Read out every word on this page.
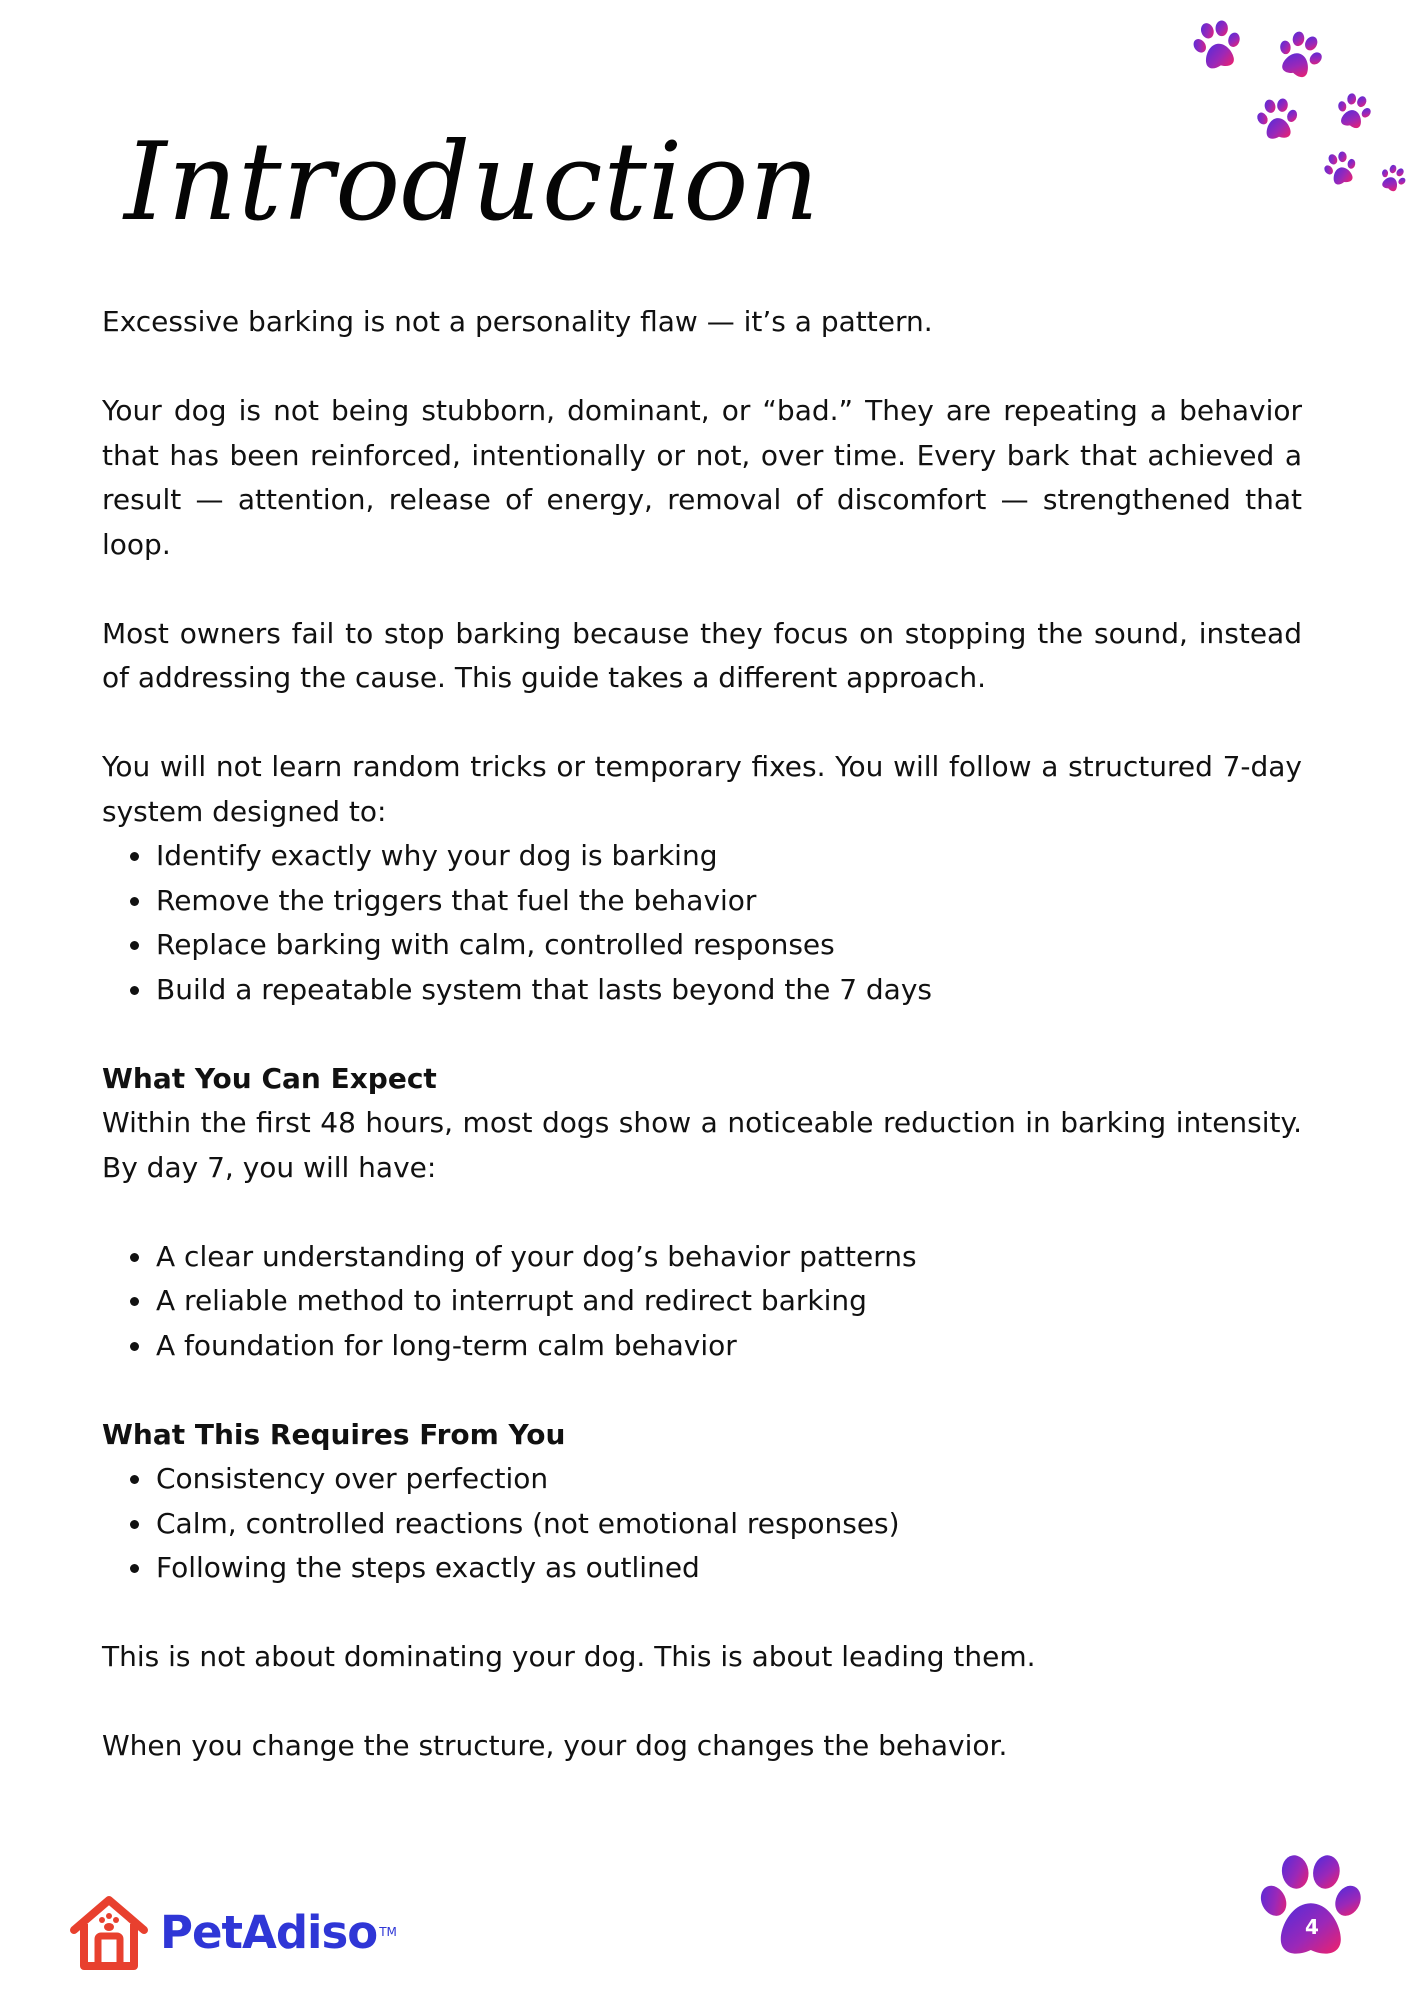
Introduction

Excessive barking is not a personality flaw — it’s a pattern.

Your dog is not being stubborn, dominant, or “bad.” They are repeating a behavior that has been reinforced, intentionally or not, over time. Every bark that achieved a result — attention, release of energy, removal of discomfort — strengthened that loop.

Most owners fail to stop barking because they focus on stopping the sound, instead of addressing the cause. This guide takes a different approach.

You will not learn random tricks or temporary fixes. You will follow a structured 7-day system designed to:

• Identify exactly why your dog is barking
• Remove the triggers that fuel the behavior
• Replace barking with calm, controlled responses
• Build a repeatable system that lasts beyond the 7 days
What You Can Expect

Within the first 48 hours, most dogs show a noticeable reduction in barking intensity. By day 7, you will have:

• A clear understanding of your dog’s behavior patterns
• A reliable method to interrupt and redirect barking
• A foundation for long-term calm behavior
What This Requires From You
• Consistency over perfection
• Calm, controlled reactions (not emotional responses)
• Following the steps exactly as outlined

This is not about dominating your dog. This is about leading them.

When you change the structure, your dog changes the behavior.

PetAdiso TM	4
